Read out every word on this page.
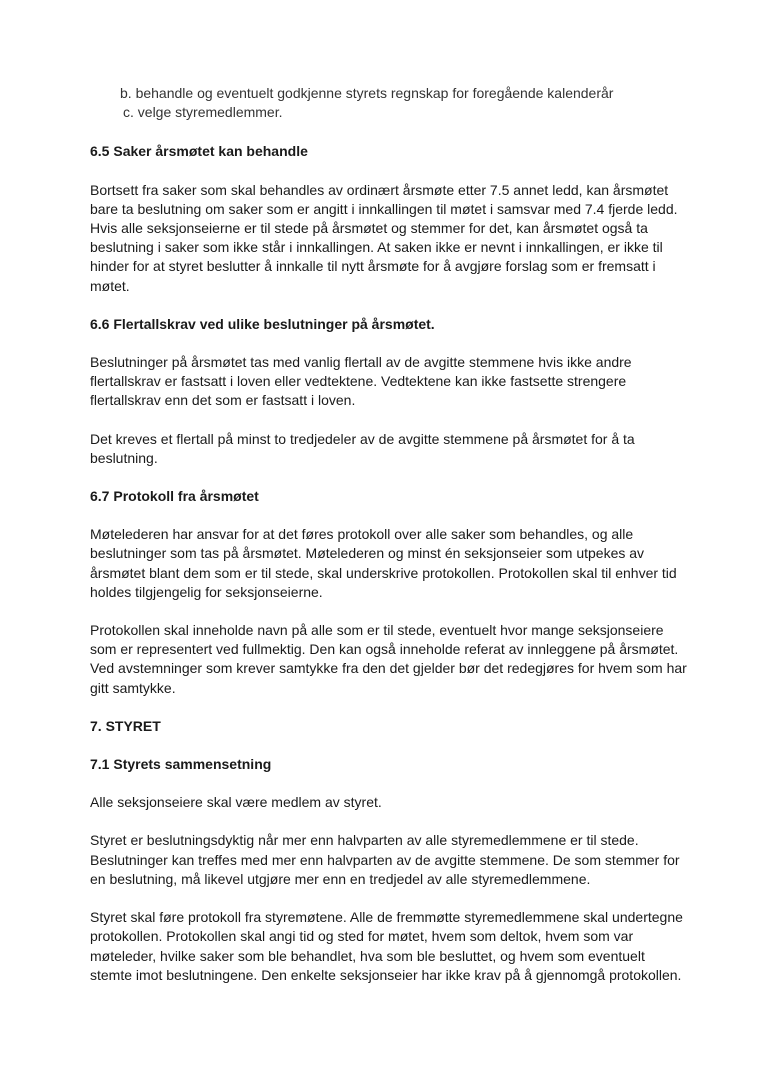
b. behandle og eventuelt godkjenne styrets regnskap for foregående kalenderår
c. velge styremedlemmer.
6.5 Saker årsmøtet kan behandle

Bortsett fra saker som skal behandles av ordinært årsmøte etter 7.5 annet ledd, kan årsmøtet bare ta beslutning om saker som er angitt i innkallingen til møtet i samsvar med 7.4 fjerde ledd. Hvis alle seksjonseierne er til stede på årsmøtet og stemmer for det, kan årsmøtet også ta beslutning i saker som ikke står i innkallingen. At saken ikke er nevnt i innkallingen, er ikke til hinder for at styret beslutter å innkalle til nytt årsmøte for å avgjøre forslag som er fremsatt i møtet.

6.6 Flertallskrav ved ulike beslutninger på årsmøtet.

Beslutninger på årsmøtet tas med vanlig flertall av de avgitte stemmene hvis ikke andre flertallskrav er fastsatt i loven eller vedtektene. Vedtektene kan ikke fastsette strengere flertallskrav enn det som er fastsatt i loven.

Det kreves et flertall på minst to tredjedeler av de avgitte stemmene på årsmøtet for å ta beslutning.

6.7 Protokoll fra årsmøtet

Møtelederen har ansvar for at det føres protokoll over alle saker som behandles, og alle beslutninger som tas på årsmøtet. Møtelederen og minst én seksjonseier som utpekes av årsmøtet blant dem som er til stede, skal underskrive protokollen. Protokollen skal til enhver tid holdes tilgjengelig for seksjonseierne.

Protokollen skal inneholde navn på alle som er til stede, eventuelt hvor mange seksjonseiere som er representert ved fullmektig. Den kan også inneholde referat av innleggene på årsmøtet. Ved avstemninger som krever samtykke fra den det gjelder bør det redegjøres for hvem som har gitt samtykke.

7. STYRET
7.1 Styrets sammensetning

Alle seksjonseiere skal være medlem av styret.

Styret er beslutningsdyktig når mer enn halvparten av alle styremedlemmene er til stede. Beslutninger kan treffes med mer enn halvparten av de avgitte stemmene. De som stemmer for en beslutning, må likevel utgjøre mer enn en tredjedel av alle styremedlemmene.

Styret skal føre protokoll fra styremøtene. Alle de fremmøtte styremedlemmene skal undertegne protokollen. Protokollen skal angi tid og sted for møtet, hvem som deltok, hvem som var møteleder, hvilke saker som ble behandlet, hva som ble besluttet, og hvem som eventuelt stemte imot beslutningene. Den enkelte seksjonseier har ikke krav på å gjennomgå protokollen.
